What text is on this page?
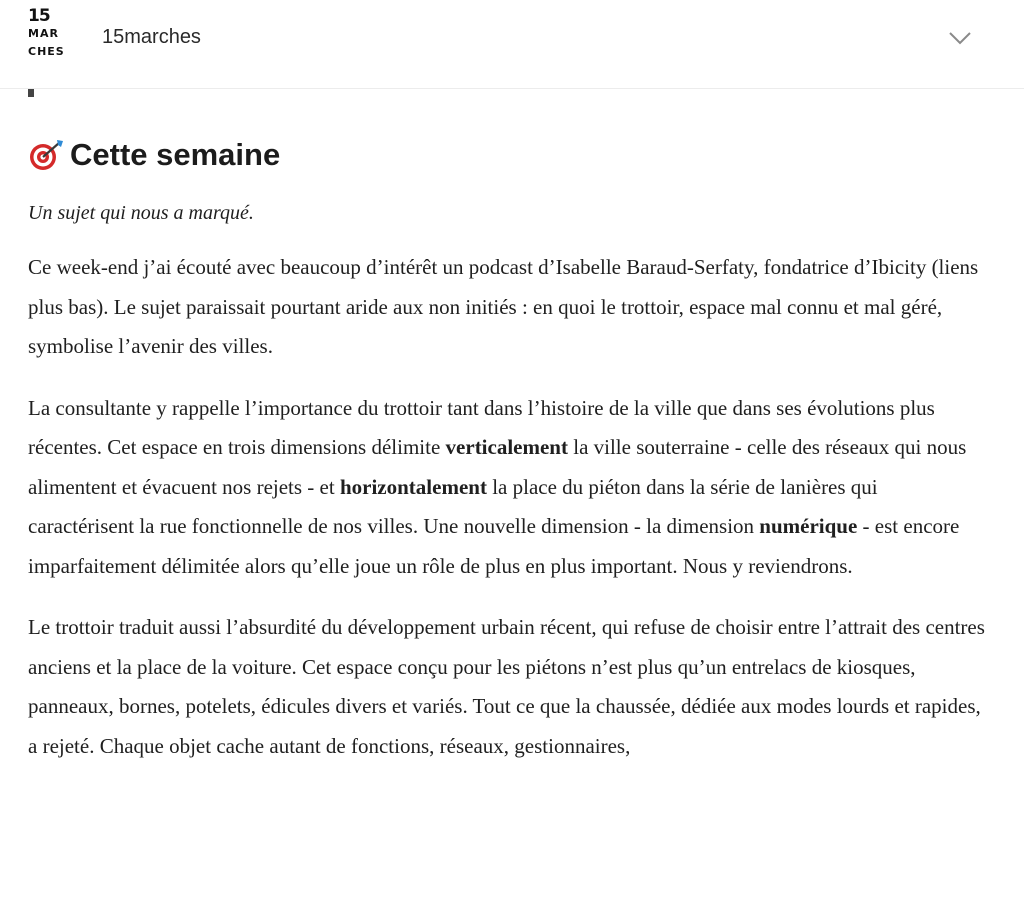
15
MAR
CHES
15marches
Cette semaine

Un sujet qui nous a marqué.

Ce week-end j’ai écouté avec beaucoup d’intérêt un podcast d’Isabelle Baraud-Serfaty, fondatrice d’Ibicity (liens plus bas). Le sujet paraissait pourtant aride aux non initiés : en quoi le trottoir, espace mal connu et mal géré, symbolise l’avenir des villes.

La consultante y rappelle l’importance du trottoir tant dans l’histoire de la ville que dans ses évolutions plus récentes. Cet espace en trois dimensions délimite verticalement la ville souterraine - celle des réseaux qui nous alimentent et évacuent nos rejets - et horizontalement la place du piéton dans la série de lanières qui caractérisent la rue fonctionnelle de nos villes. Une nouvelle dimension - la dimension numérique - est encore imparfaitement délimitée alors qu’elle joue un rôle de plus en plus important. Nous y reviendrons.

Le trottoir traduit aussi l’absurdité du développement urbain récent, qui refuse de choisir entre l’attrait des centres anciens et la place de la voiture. Cet espace conçu pour les piétons n’est plus qu’un entrelacs de kiosques, panneaux, bornes, potelets, édicules divers et variés. Tout ce que la chaussée, dédiée aux modes lourds et rapides, a rejeté. Chaque objet cache autant de fonctions, réseaux, gestionnaires,
